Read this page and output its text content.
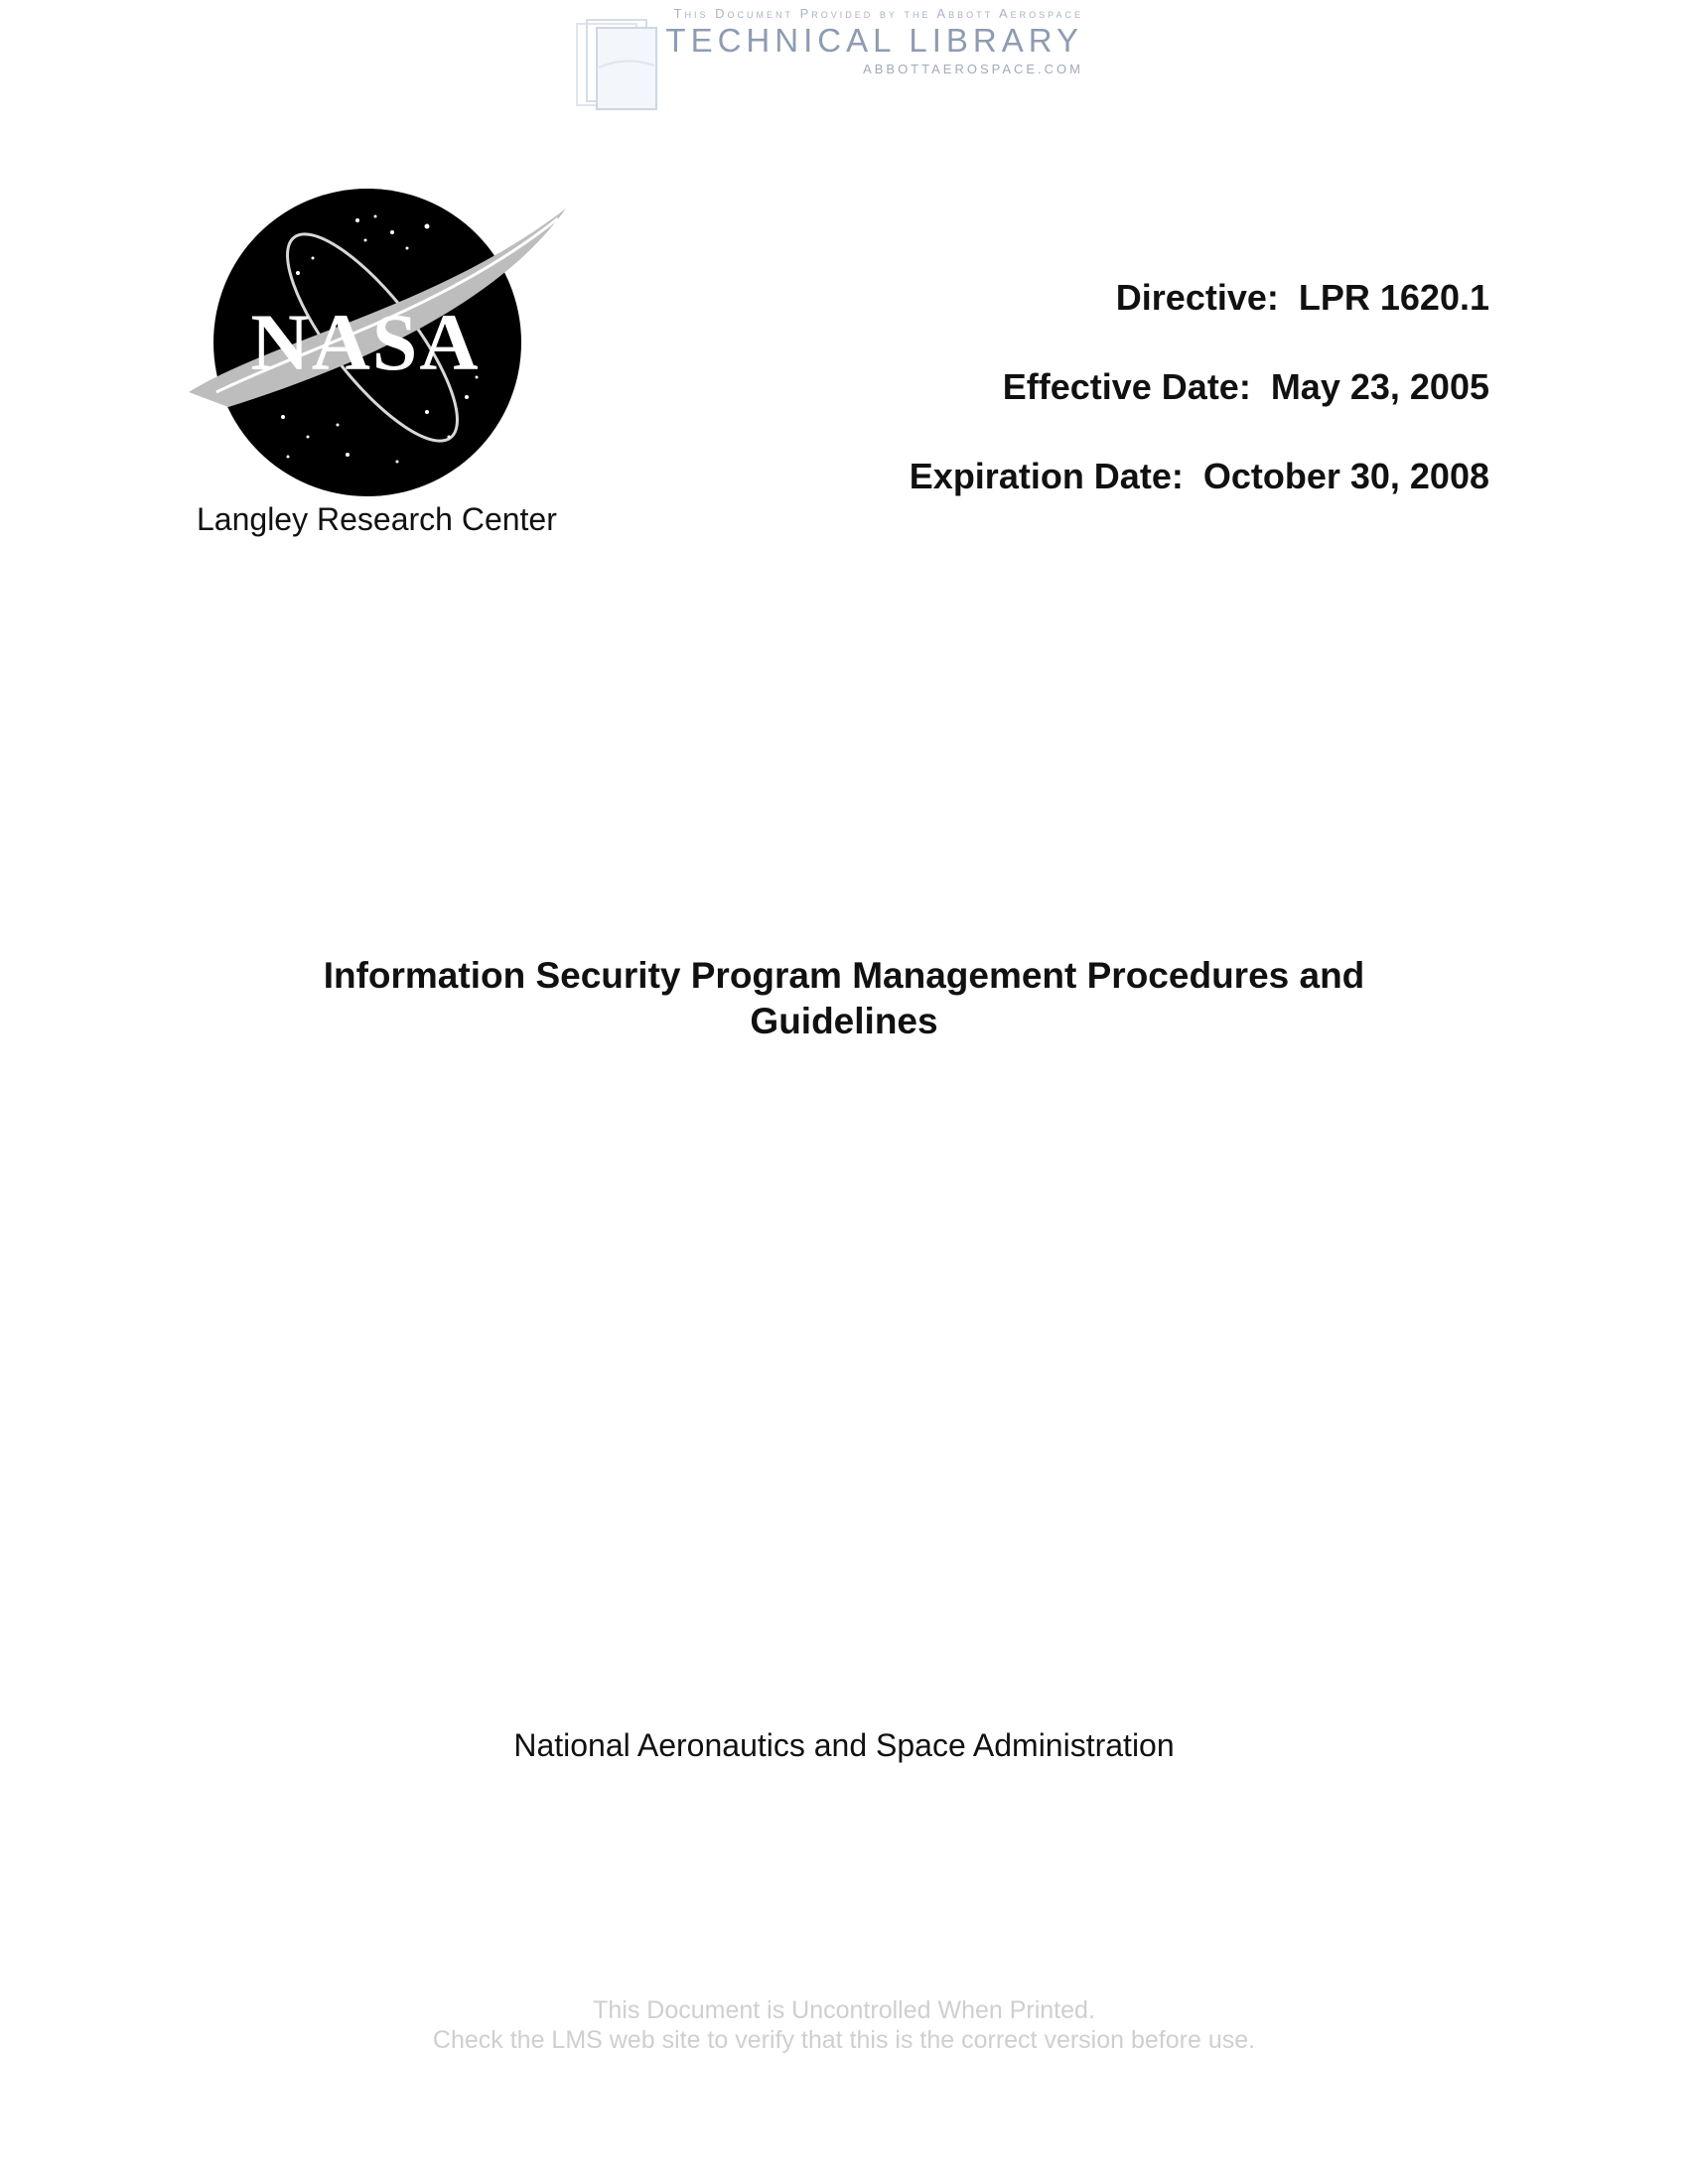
This Document Provided by the Abbott Aerospace
TECHNICAL LIBRARY
ABBOTTAEROSPACE.COM
NASA
Langley Research Center
Directive:  LPR 1620.1
Effective Date:  May 23, 2005
Expiration Date:  October 30, 2008
Information Security Program Management Procedures and
Guidelines
National Aeronautics and Space Administration
This Document is Uncontrolled When Printed.
Check the LMS web site to verify that this is the correct version before use.
